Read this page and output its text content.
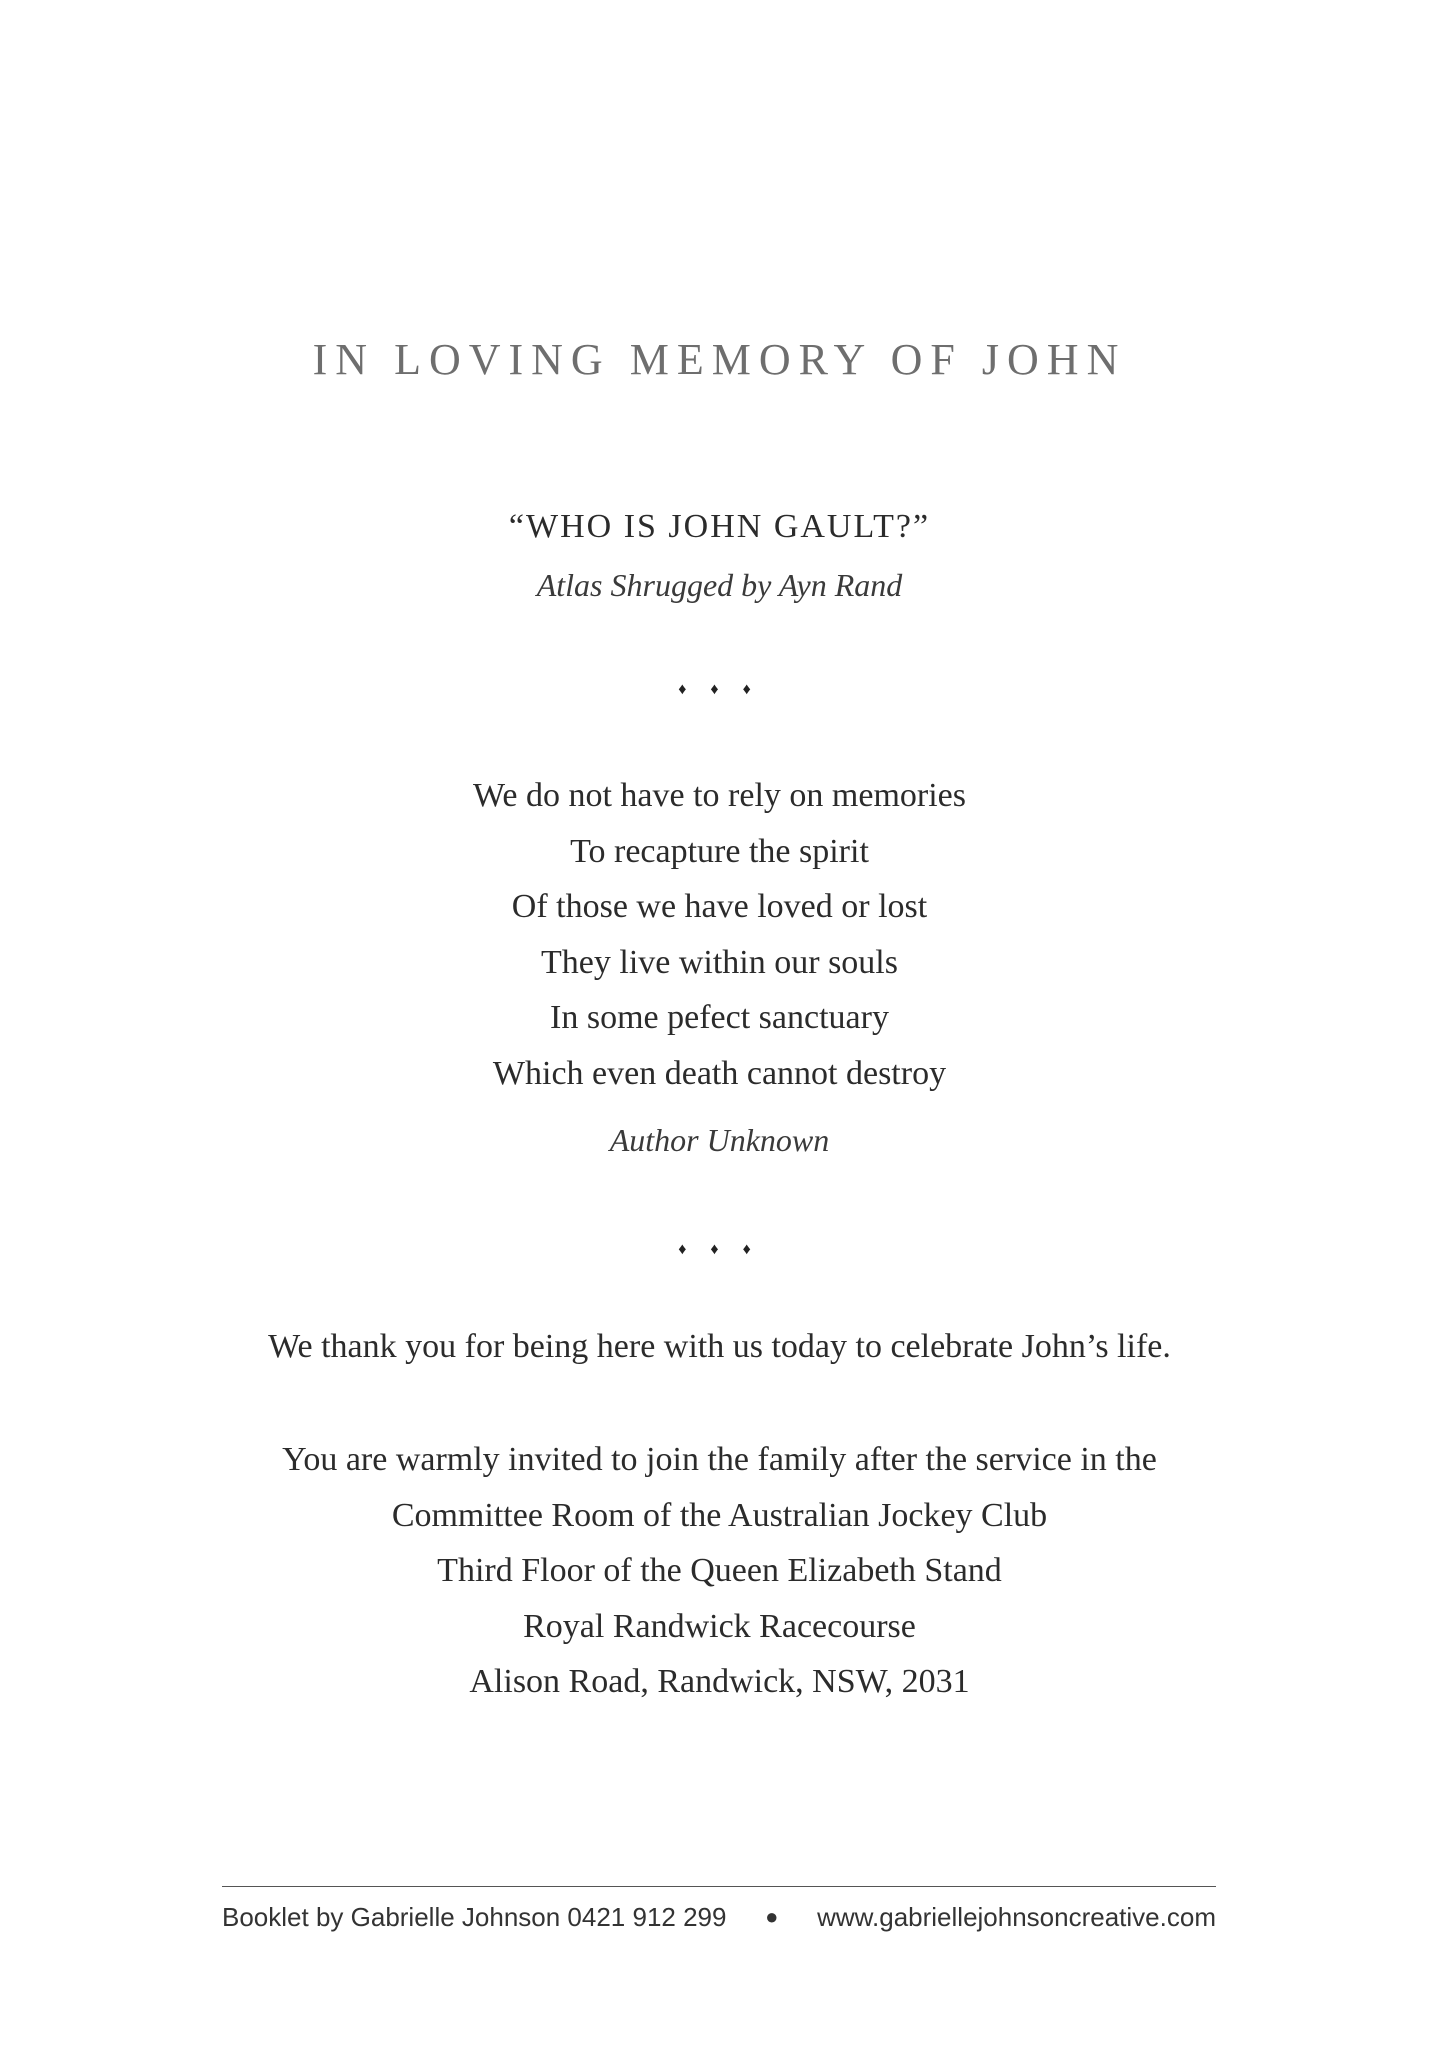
IN LOVING MEMORY OF JOHN
“WHO IS JOHN GAULT?”
Atlas Shrugged by Ayn Rand
♦ ♦ ♦
We do not have to rely on memories
To recapture the spirit
Of those we have loved or lost
They live within our souls
In some pefect sanctuary
Which even death cannot destroy
Author Unknown
♦ ♦ ♦
We thank you for being here with us today to celebrate John’s life.
You are warmly invited to join the family after the service in the
Committee Room of the Australian Jockey Club
Third Floor of the Queen Elizabeth Stand
Royal Randwick Racecourse
Alison Road, Randwick, NSW, 2031
Booklet by Gabrielle Johnson 0421 912 299 ● www.gabriellejohnsoncreative.com
